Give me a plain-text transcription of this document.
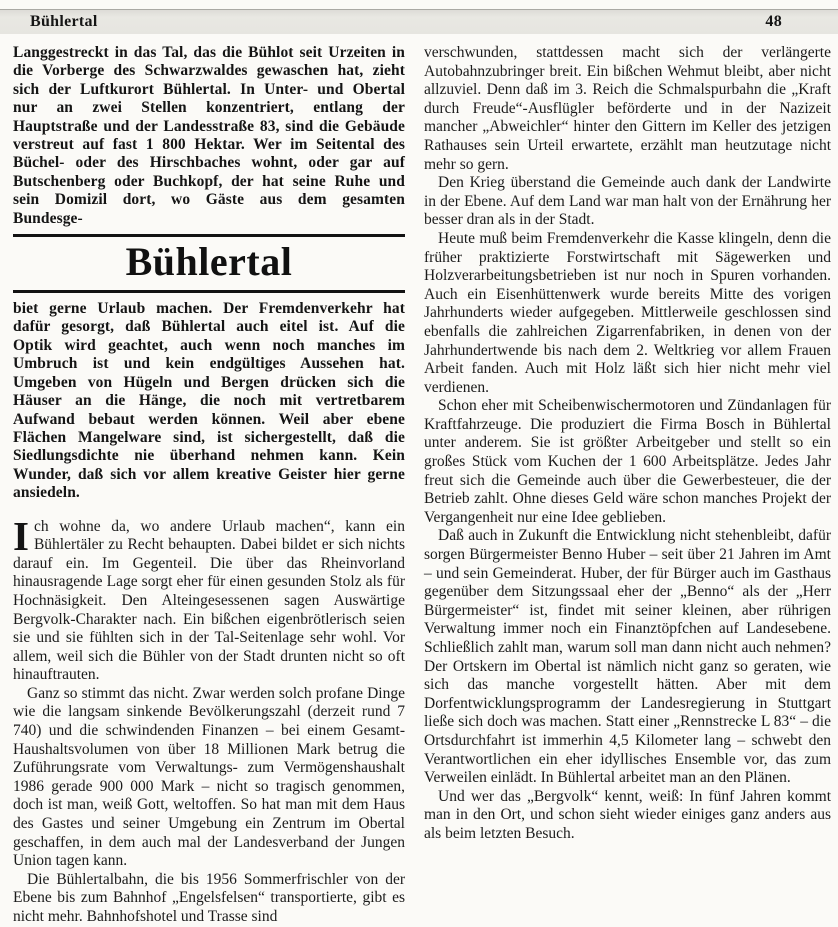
Bühlertal	48

Langgestreckt in das Tal, das die Bühlot seit Urzeiten in die Vorberge des Schwarzwaldes gewaschen hat, zieht sich der Luftkurort Bühlertal. In Unter- und Obertal nur an zwei Stellen konzentriert, entlang der Hauptstraße und der Landesstraße 83, sind die Gebäude verstreut auf fast 1 800 Hektar. Wer im Seitental des Büchel- oder des Hirschbaches wohnt, oder gar auf Butschenberg oder Buchkopf, der hat seine Ruhe und sein Domizil dort, wo Gäste aus dem gesamten Bundesge-

Bühlertal

biet gerne Urlaub machen. Der Fremdenverkehr hat dafür gesorgt, daß Bühlertal auch eitel ist. Auf die Optik wird geachtet, auch wenn noch manches im Umbruch ist und kein endgültiges Aussehen hat. Umgeben von Hügeln und Bergen drücken sich die Häuser an die Hänge, die noch mit vertretbarem Aufwand bebaut werden können. Weil aber ebene Flächen Mangelware sind, ist sichergestellt, daß die Siedlungsdichte nie überhand nehmen kann. Kein Wunder, daß sich vor allem kreative Geister hier gerne ansiedeln.

Ich wohne da, wo andere Urlaub machen“, kann ein Bühlertäler zu Recht behaupten. Dabei bildet er sich nichts darauf ein. Im Gegenteil. Die über das Rheinvorland hinausragende Lage sorgt eher für einen gesunden Stolz als für Hochnäsigkeit. Den Alteingesessenen sagen Auswärtige Bergvolk-Charakter nach. Ein bißchen eigenbrötlerisch seien sie und sie fühlten sich in der Tal-Seitenlage sehr wohl. Vor allem, weil sich die Bühler von der Stadt drunten nicht so oft hinauftrauten.

Ganz so stimmt das nicht. Zwar werden solch profane Dinge wie die langsam sinkende Bevölkerungszahl (derzeit rund 7 740) und die schwindenden Finanzen – bei einem Gesamt-Haushaltsvolumen von über 18 Millionen Mark betrug die Zuführungsrate vom Verwaltungs- zum Vermögenshaushalt 1986 gerade 900 000 Mark – nicht so tragisch genommen, doch ist man, weiß Gott, weltoffen. So hat man mit dem Haus des Gastes und seiner Umgebung ein Zentrum im Obertal geschaffen, in dem auch mal der Landesverband der Jungen Union tagen kann.

Die Bühlertalbahn, die bis 1956 Sommerfrischler von der Ebene bis zum Bahnhof „Engelsfelsen“ transportierte, gibt es nicht mehr. Bahnhofshotel und Trasse sind

verschwunden, stattdessen macht sich der verlängerte Autobahnzubringer breit. Ein bißchen Wehmut bleibt, aber nicht allzuviel. Denn daß im 3. Reich die Schmalspurbahn die „Kraft durch Freude“-Ausflügler beförderte und in der Nazizeit mancher „Abweichler“ hinter den Gittern im Keller des jetzigen Rathauses sein Urteil erwartete, erzählt man heutzutage nicht mehr so gern.

Den Krieg überstand die Gemeinde auch dank der Landwirte in der Ebene. Auf dem Land war man halt von der Ernährung her besser dran als in der Stadt.

Heute muß beim Fremdenverkehr die Kasse klingeln, denn die früher praktizierte Forstwirtschaft mit Sägewerken und Holzverarbeitungsbetrieben ist nur noch in Spuren vorhanden. Auch ein Eisenhüttenwerk wurde bereits Mitte des vorigen Jahrhunderts wieder aufgegeben. Mittlerweile geschlossen sind ebenfalls die zahlreichen Zigarrenfabriken, in denen von der Jahrhundertwende bis nach dem 2. Weltkrieg vor allem Frauen Arbeit fanden. Auch mit Holz läßt sich hier nicht mehr viel verdienen.

Schon eher mit Scheibenwischermotoren und Zündanlagen für Kraftfahrzeuge. Die produziert die Firma Bosch in Bühlertal unter anderem. Sie ist größter Arbeitgeber und stellt so ein großes Stück vom Kuchen der 1 600 Arbeitsplätze. Jedes Jahr freut sich die Gemeinde auch über die Gewerbesteuer, die der Betrieb zahlt. Ohne dieses Geld wäre schon manches Projekt der Vergangenheit nur eine Idee geblieben.

Daß auch in Zukunft die Entwicklung nicht stehenbleibt, dafür sorgen Bürgermeister Benno Huber – seit über 21 Jahren im Amt – und sein Gemeinderat. Huber, der für Bürger auch im Gasthaus gegenüber dem Sitzungssaal eher der „Benno“ als der „Herr Bürgermeister“ ist, findet mit seiner kleinen, aber rührigen Verwaltung immer noch ein Finanztöpfchen auf Landesebene. Schließlich zahlt man, warum soll man dann nicht auch nehmen? Der Ortskern im Obertal ist nämlich nicht ganz so geraten, wie sich das manche vorgestellt hätten. Aber mit dem Dorfentwicklungsprogramm der Landesregierung in Stuttgart ließe sich doch was machen. Statt einer „Rennstrecke L 83“ – die Ortsdurchfahrt ist immerhin 4,5 Kilometer lang – schwebt den Verantwortlichen ein eher idyllisches Ensemble vor, das zum Verweilen einlädt. In Bühlertal arbeitet man an den Plänen.

Und wer das „Bergvolk“ kennt, weiß: In fünf Jahren kommt man in den Ort, und schon sieht wieder einiges ganz anders aus als beim letzten Besuch.
